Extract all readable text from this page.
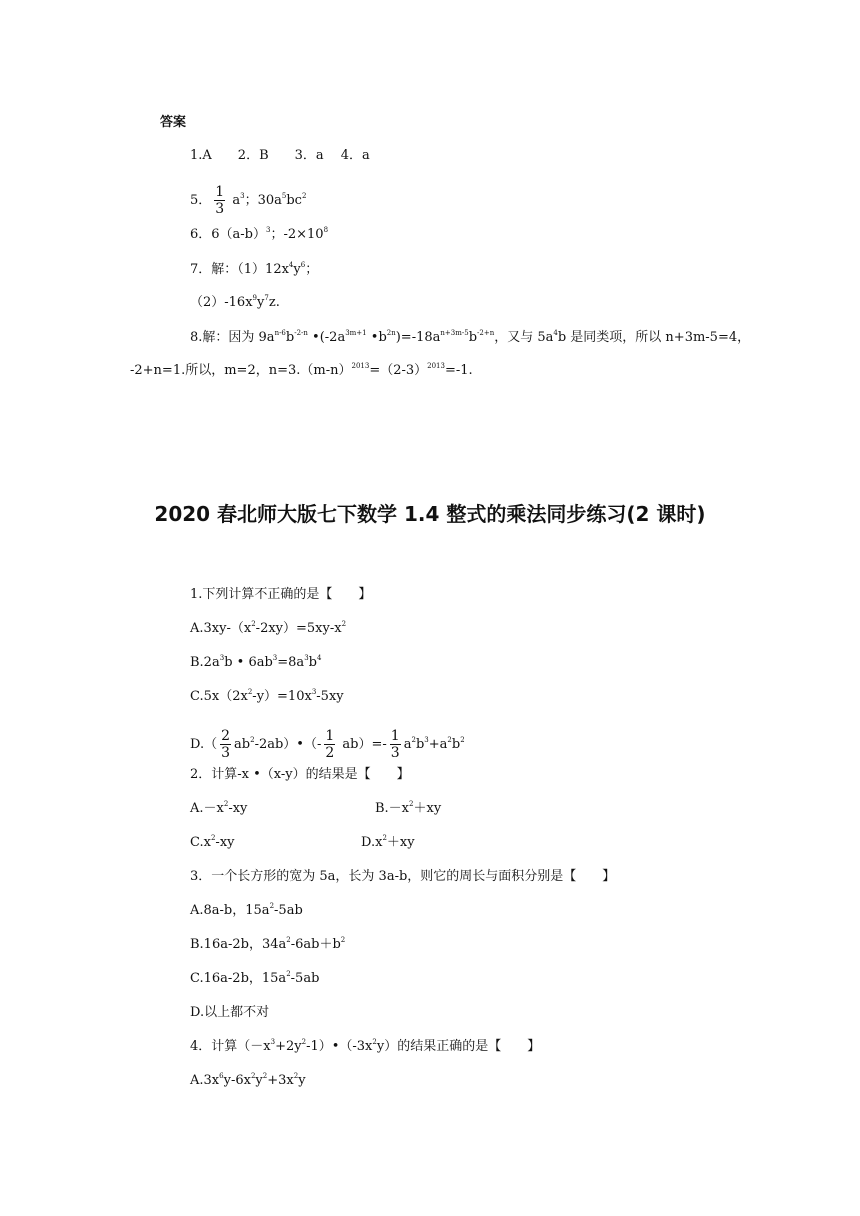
答案
1.A　　2．B　　3．a　 4．a
5． $\frac{1}{3} a^3$；$30a^5bc^2$
6．$6(a-b)^3$；$-2\times 10^8$
7．解：$(1)12x^4y^6$；
$(2)-16x^9y^7z$.
8.解：因为 $9a^{n-6}b^{-2-n}$ $•(-2a^{3m+1}$ $•b^{2n})=-18a^{n+3m-5}b^{-2+n}$，又与 $5a^4b$ 是同类项，所以 n+3m-5=4，
-2+n=1.所以，m=2，$n=3.(m-n)^{2013}=(2-3)^{2013}=-1$.
2020 春北师大版七下数学 1.4 整式的乘法同步练习(2 课时)
1.下列计算不正确的是【　　】
$A.3xy-(x^2-2xy)=5xy-x^2$
$B.2a^3b$ • $6ab^3=8a^3b^4$
$C.5x(2x^2-y)=10x^3-5xy$
$D.( \frac{2}{3}$ $ab^2-2ab)•(- \frac{1}{2} ab)=- \frac{1}{3} a^2b^3+a^2b^2$
2．计算-x •（x-y）的结果是【　　】
$A.-x^2-xy$	$B.-x^2+xy$
$C.x^2-xy$	$D.x^2+xy$
3．一个长方形的宽为 5a，长为 3a-b，则它的周长与面积分别是【　　】
A.8a-b，$15a^2-5ab$
B.16a-2b，$34a^2-6ab+b^2$
C.16a-2b，$15a^2-5ab$
D.以上都不对
4．计算$(-x^3+2y^2-1)•(-3x^2y)$的结果正确的是【　　】
$A.3x^6y-6x^2y^2+3x^2y$
